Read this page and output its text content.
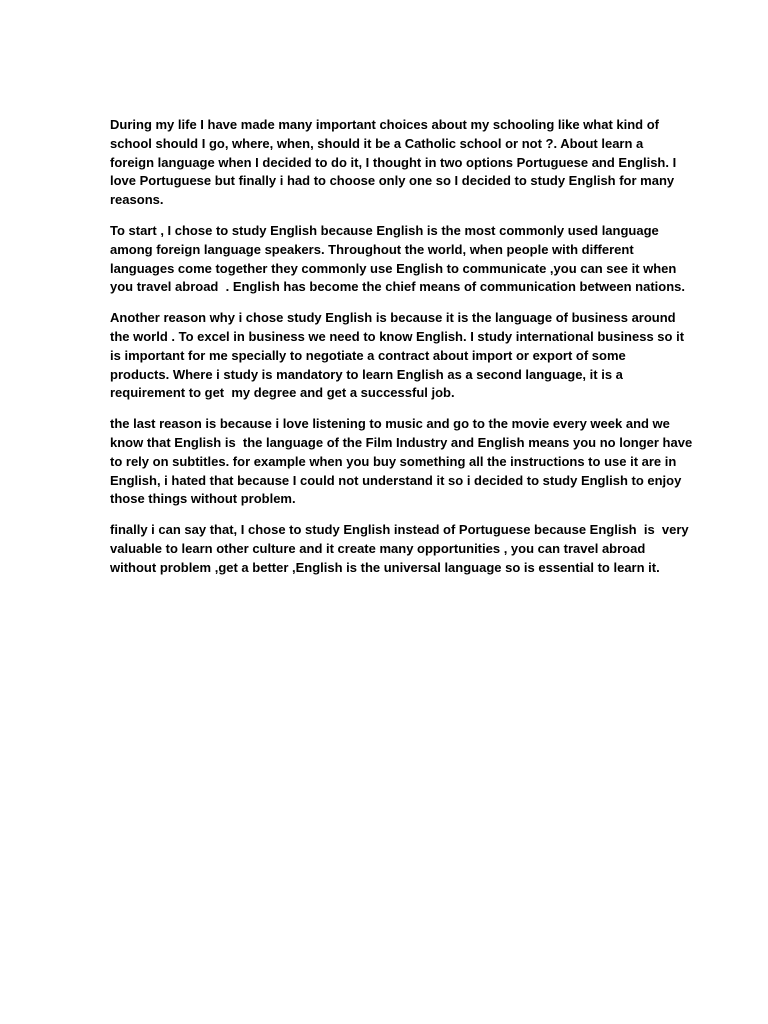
During my life I have made many important choices about my schooling like what kind of
school should I go, where, when, should it be a Catholic school or not ?. About learn a
foreign language when I decided to do it, I thought in two options Portuguese and English. I
love Portuguese but finally i had to choose only one so I decided to study English for many
reasons.

To start , I chose to study English because English is the most commonly used language
among foreign language speakers. Throughout the world, when people with different
languages come together they commonly use English to communicate ,you can see it when
you travel abroad  . English has become the chief means of communication between nations.

Another reason why i chose study English is because it is the language of business around
the world . To excel in business we need to know English. I study international business so it
is important for me specially to negotiate a contract about import or export of some
products. Where i study is mandatory to learn English as a second language, it is a
requirement to get  my degree and get a successful job.

the last reason is because i love listening to music and go to the movie every week and we
know that English is  the language of the Film Industry and English means you no longer have
to rely on subtitles. for example when you buy something all the instructions to use it are in
English, i hated that because I could not understand it so i decided to study English to enjoy
those things without problem.

finally i can say that, I chose to study English instead of Portuguese because English  is  very
valuable to learn other culture and it create many opportunities , you can travel abroad
without problem ,get a better ,English is the universal language so is essential to learn it.
